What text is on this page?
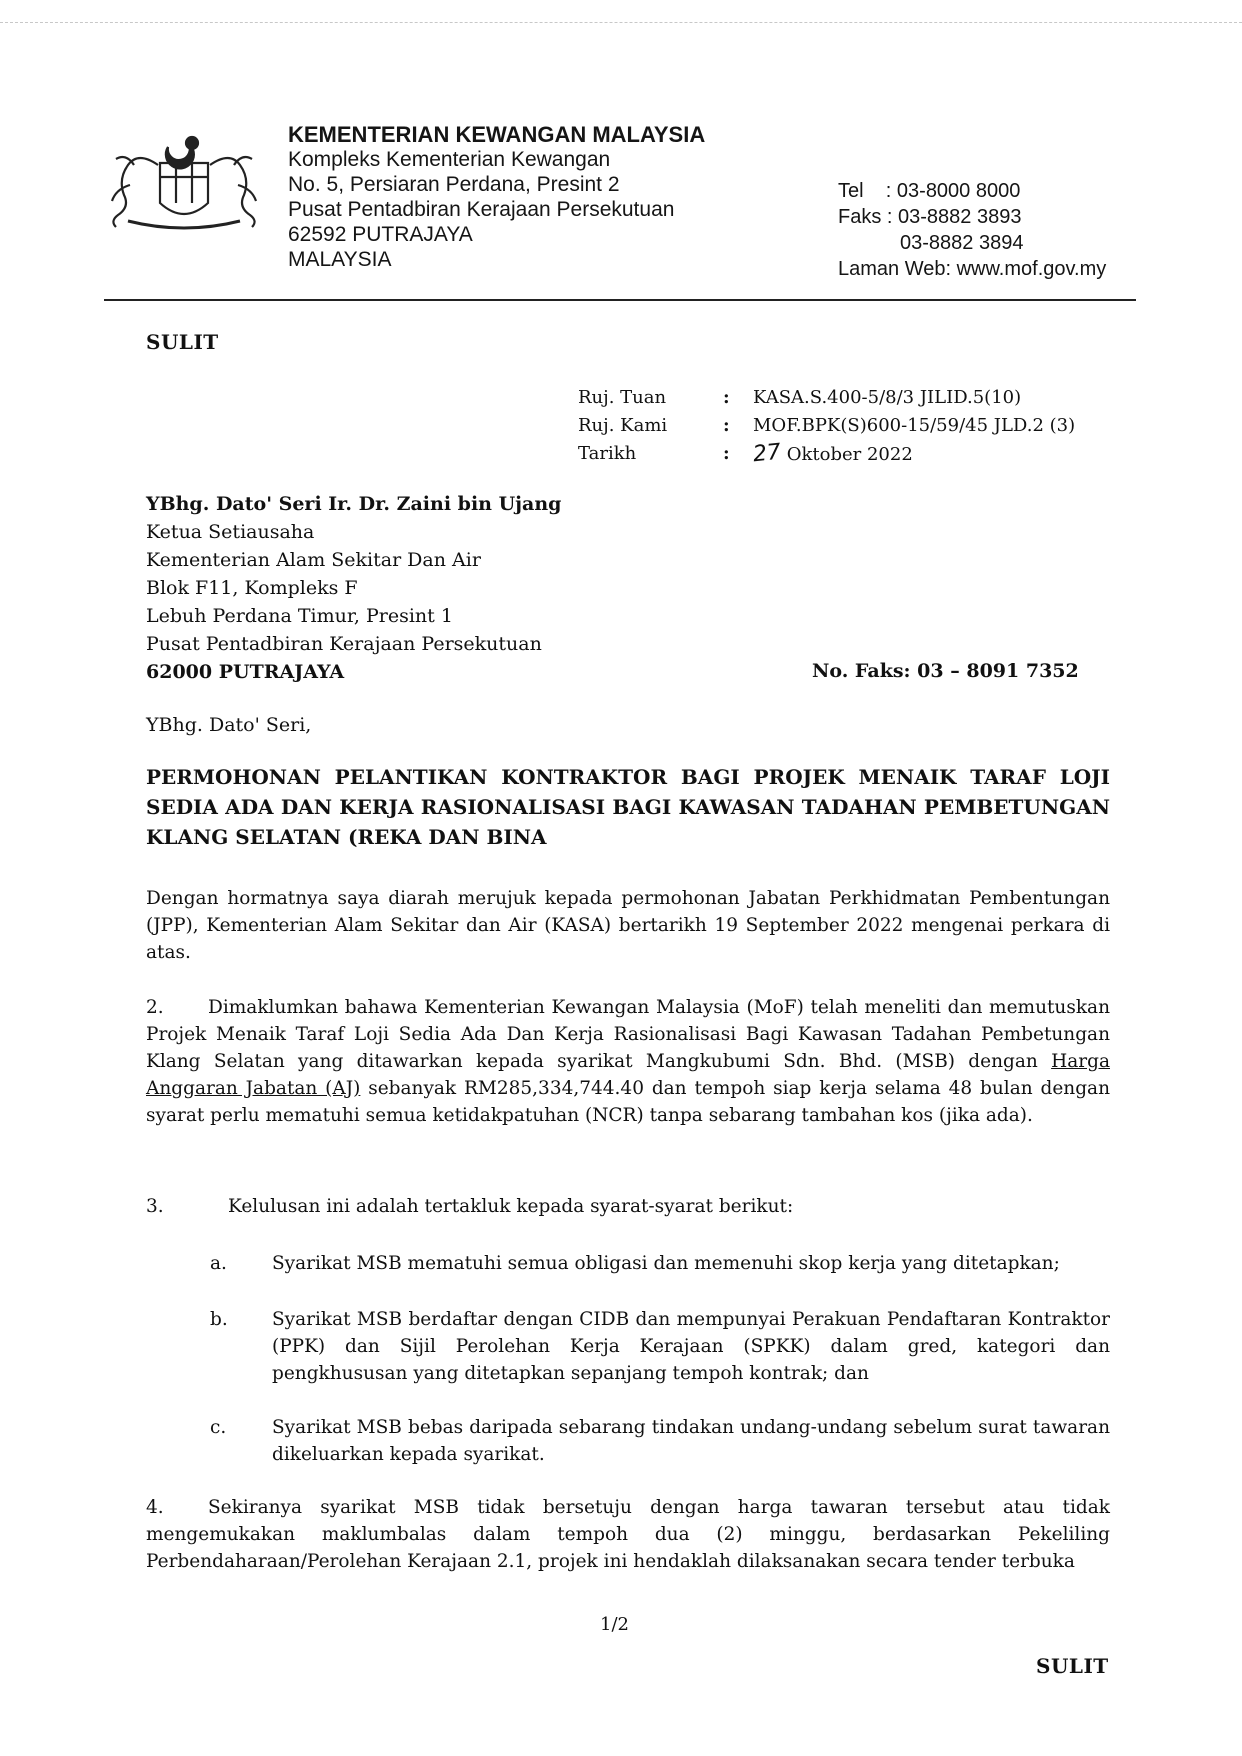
KEMENTERIAN KEWANGAN MALAYSIA
Kompleks Kementerian Kewangan
No. 5, Persiaran Perdana, Presint 2
Pusat Pentadbiran Kerajaan Persekutuan
62592 PUTRAJAYA
MALAYSIA
Tel    : 03-8000 8000
Faks : 03-8882 3893
03-8882 3894
Laman Web: www.mof.gov.my
SULIT
Ruj. Tuan	:	KASA.S.400-5/8/3 JILID.5(10)
Ruj. Kami	:	MOF.BPK(S)600-15/59/45 JLD.2 (3)
Tarikh	:	27 Oktober 2022
YBhg. Dato' Seri Ir. Dr. Zaini bin Ujang
Ketua Setiausaha
Kementerian Alam Sekitar Dan Air
Blok F11, Kompleks F
Lebuh Perdana Timur, Presint 1
Pusat Pentadbiran Kerajaan Persekutuan
62000 PUTRAJAYA	No. Faks: 03 – 8091 7352
YBhg. Dato' Seri,
PERMOHONAN PELANTIKAN KONTRAKTOR BAGI PROJEK MENAIK TARAF LOJI SEDIA ADA DAN KERJA RASIONALISASI BAGI KAWASAN TADAHAN PEMBETUNGAN KLANG SELATAN (REKA DAN BINA
Dengan hormatnya saya diarah merujuk kepada permohonan Jabatan Perkhidmatan Pembentungan (JPP), Kementerian Alam Sekitar dan Air (KASA) bertarikh 19 September 2022 mengenai perkara di atas.
2. Dimaklumkan bahawa Kementerian Kewangan Malaysia (MoF) telah meneliti dan memutuskan Projek Menaik Taraf Loji Sedia Ada Dan Kerja Rasionalisasi Bagi Kawasan Tadahan Pembetungan Klang Selatan yang ditawarkan kepada syarikat Mangkubumi Sdn. Bhd. (MSB) dengan Harga Anggaran Jabatan (AJ) sebanyak RM285,334,744.40 dan tempoh siap kerja selama 48 bulan dengan syarat perlu mematuhi semua ketidakpatuhan (NCR) tanpa sebarang tambahan kos (jika ada).
3.	Kelulusan ini adalah tertakluk kepada syarat-syarat berikut:
a.	Syarikat MSB mematuhi semua obligasi dan memenuhi skop kerja yang ditetapkan;
b.	Syarikat MSB berdaftar dengan CIDB dan mempunyai Perakuan Pendaftaran Kontraktor (PPK) dan Sijil Perolehan Kerja Kerajaan (SPKK) dalam gred, kategori dan pengkhususan yang ditetapkan sepanjang tempoh kontrak; dan
c.	Syarikat MSB bebas daripada sebarang tindakan undang-undang sebelum surat tawaran dikeluarkan kepada syarikat.
4. Sekiranya syarikat MSB tidak bersetuju dengan harga tawaran tersebut atau tidak mengemukakan maklumbalas dalam tempoh dua (2) minggu, berdasarkan Pekeliling Perbendaharaan/Perolehan Kerajaan 2.1, projek ini hendaklah dilaksanakan secara tender terbuka
1/2
SULIT
